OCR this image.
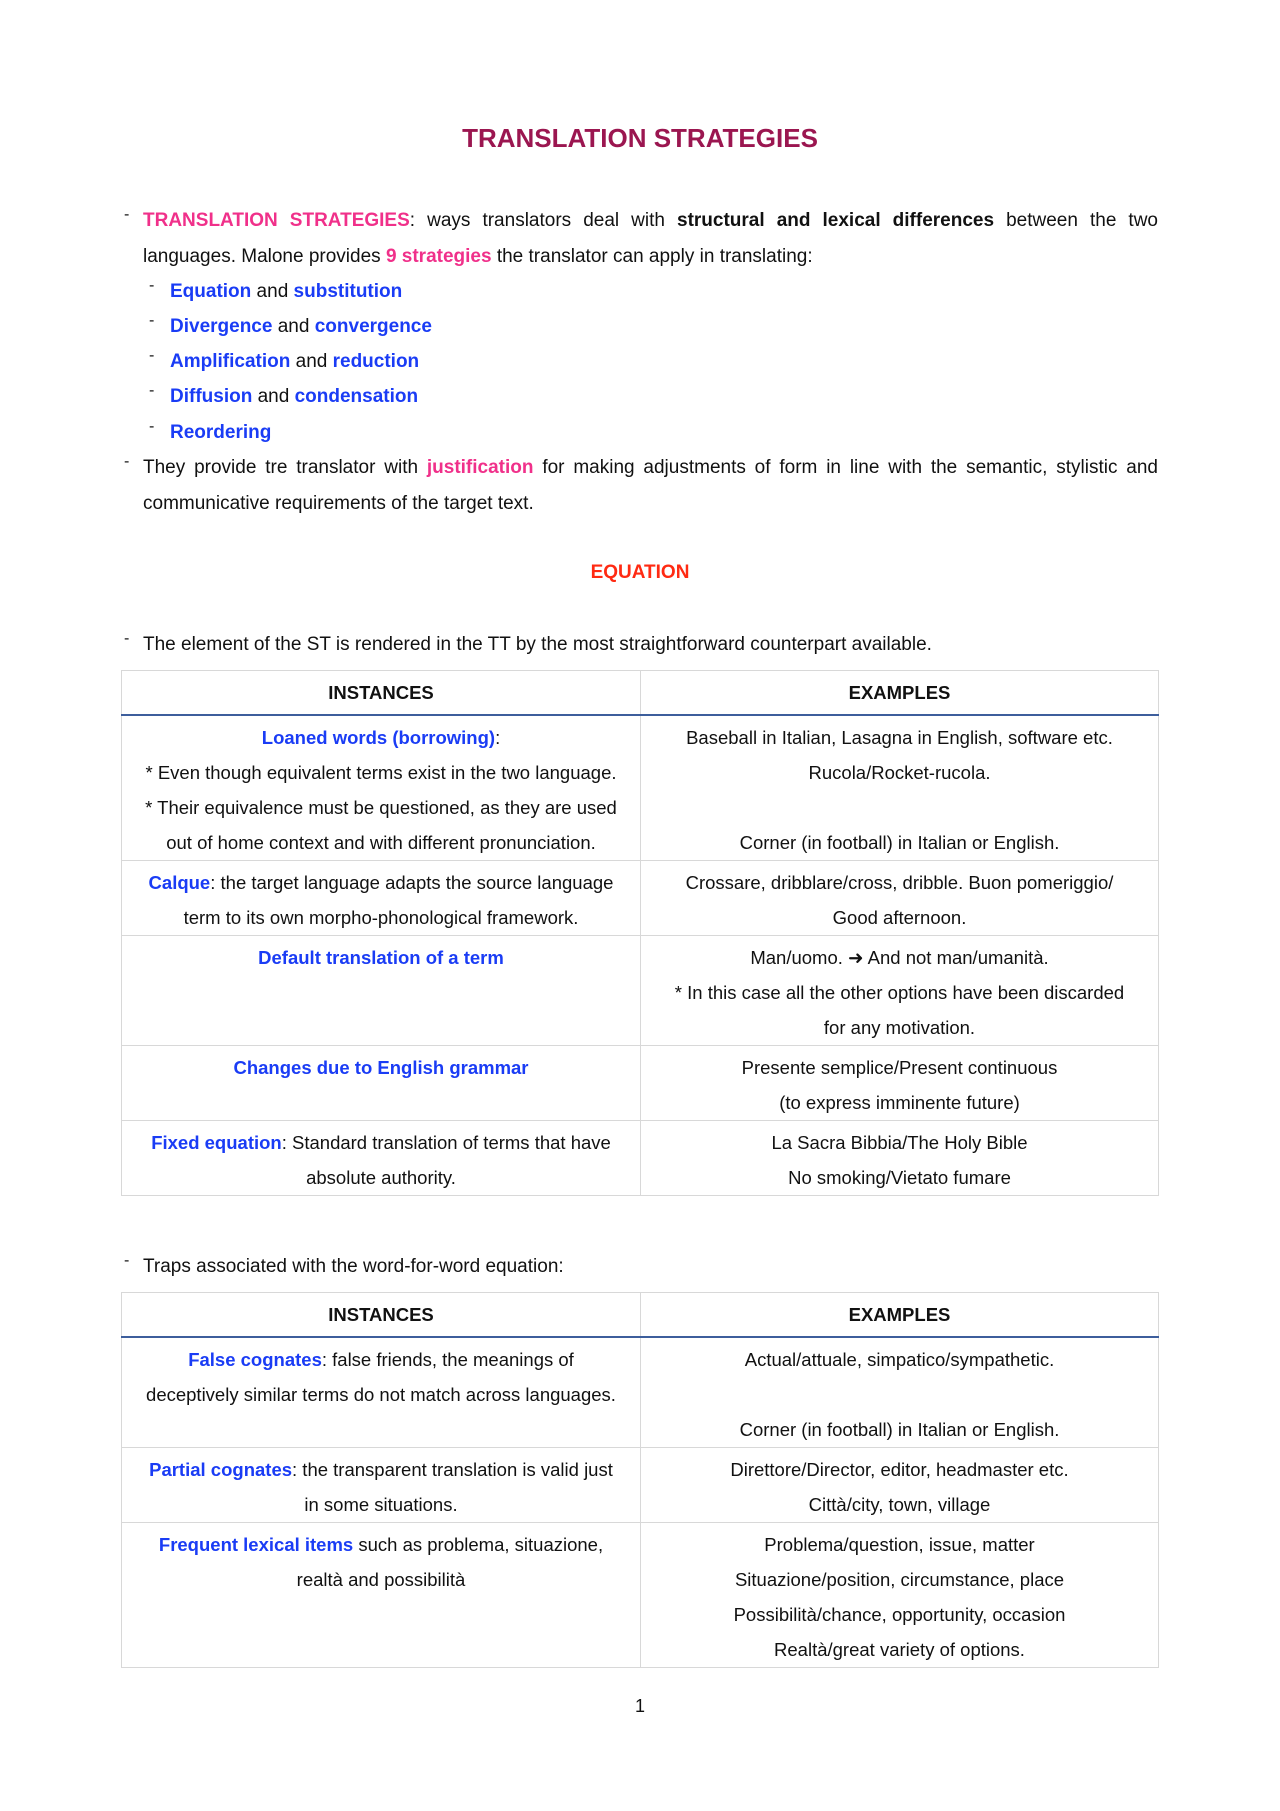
TRANSLATION STRATEGIES
- TRANSLATION STRATEGIES: ways translators deal with structural and lexical differences between the two
languages. Malone provides 9 strategies the translator can apply in translating:
- Equation and substitution
- Divergence and convergence
- Amplification and reduction
- Diffusion and condensation
- Reordering
- They provide tre translator with justification for making adjustments of form in line with the semantic, stylistic and
communicative requirements of the target text.
EQUATION
- The element of the ST is rendered in the TT by the most straightforward counterpart available.
INSTANCES	EXAMPLES

Loaned words (borrowing):
* Even though equivalent terms exist in the two language.
* Their equivalence must be questioned, as they are used
out of home context and with different pronunciation.	Baseball in Italian, Lasagna in English, software etc.
Rucola/Rocket-rucola.
Corner (in football) in Italian or English.

Calque: the target language adapts the source language
term to its own morpho-phonological framework.	Crossare, dribblare/cross, dribble. Buon pomeriggio/
Good afternoon.

Default translation of a term	Man/uomo. ➜ And not man/umanità.
* In this case all the other options have been discarded
for any motivation.

Changes due to English grammar	Presente semplice/Present continuous
(to express imminente future)

Fixed equation: Standard translation of terms that have
absolute authority.	La Sacra Bibbia/The Holy Bible
No smoking/Vietato fumare
- Traps associated with the word-for-word equation:
INSTANCES	EXAMPLES

False cognates: false friends, the meanings of
deceptively similar terms do not match across languages.	Actual/attuale, simpatico/sympathetic.
Corner (in football) in Italian or English.

Partial cognates: the transparent translation is valid just
in some situations.	Direttore/Director, editor, headmaster etc.
Città/city, town, village

Frequent lexical items such as problema, situazione,
realtà and possibilità	Problema/question, issue, matter
Situazione/position, circumstance, place
Possibilità/chance, opportunity, occasion
Realtà/great variety of options.
1
